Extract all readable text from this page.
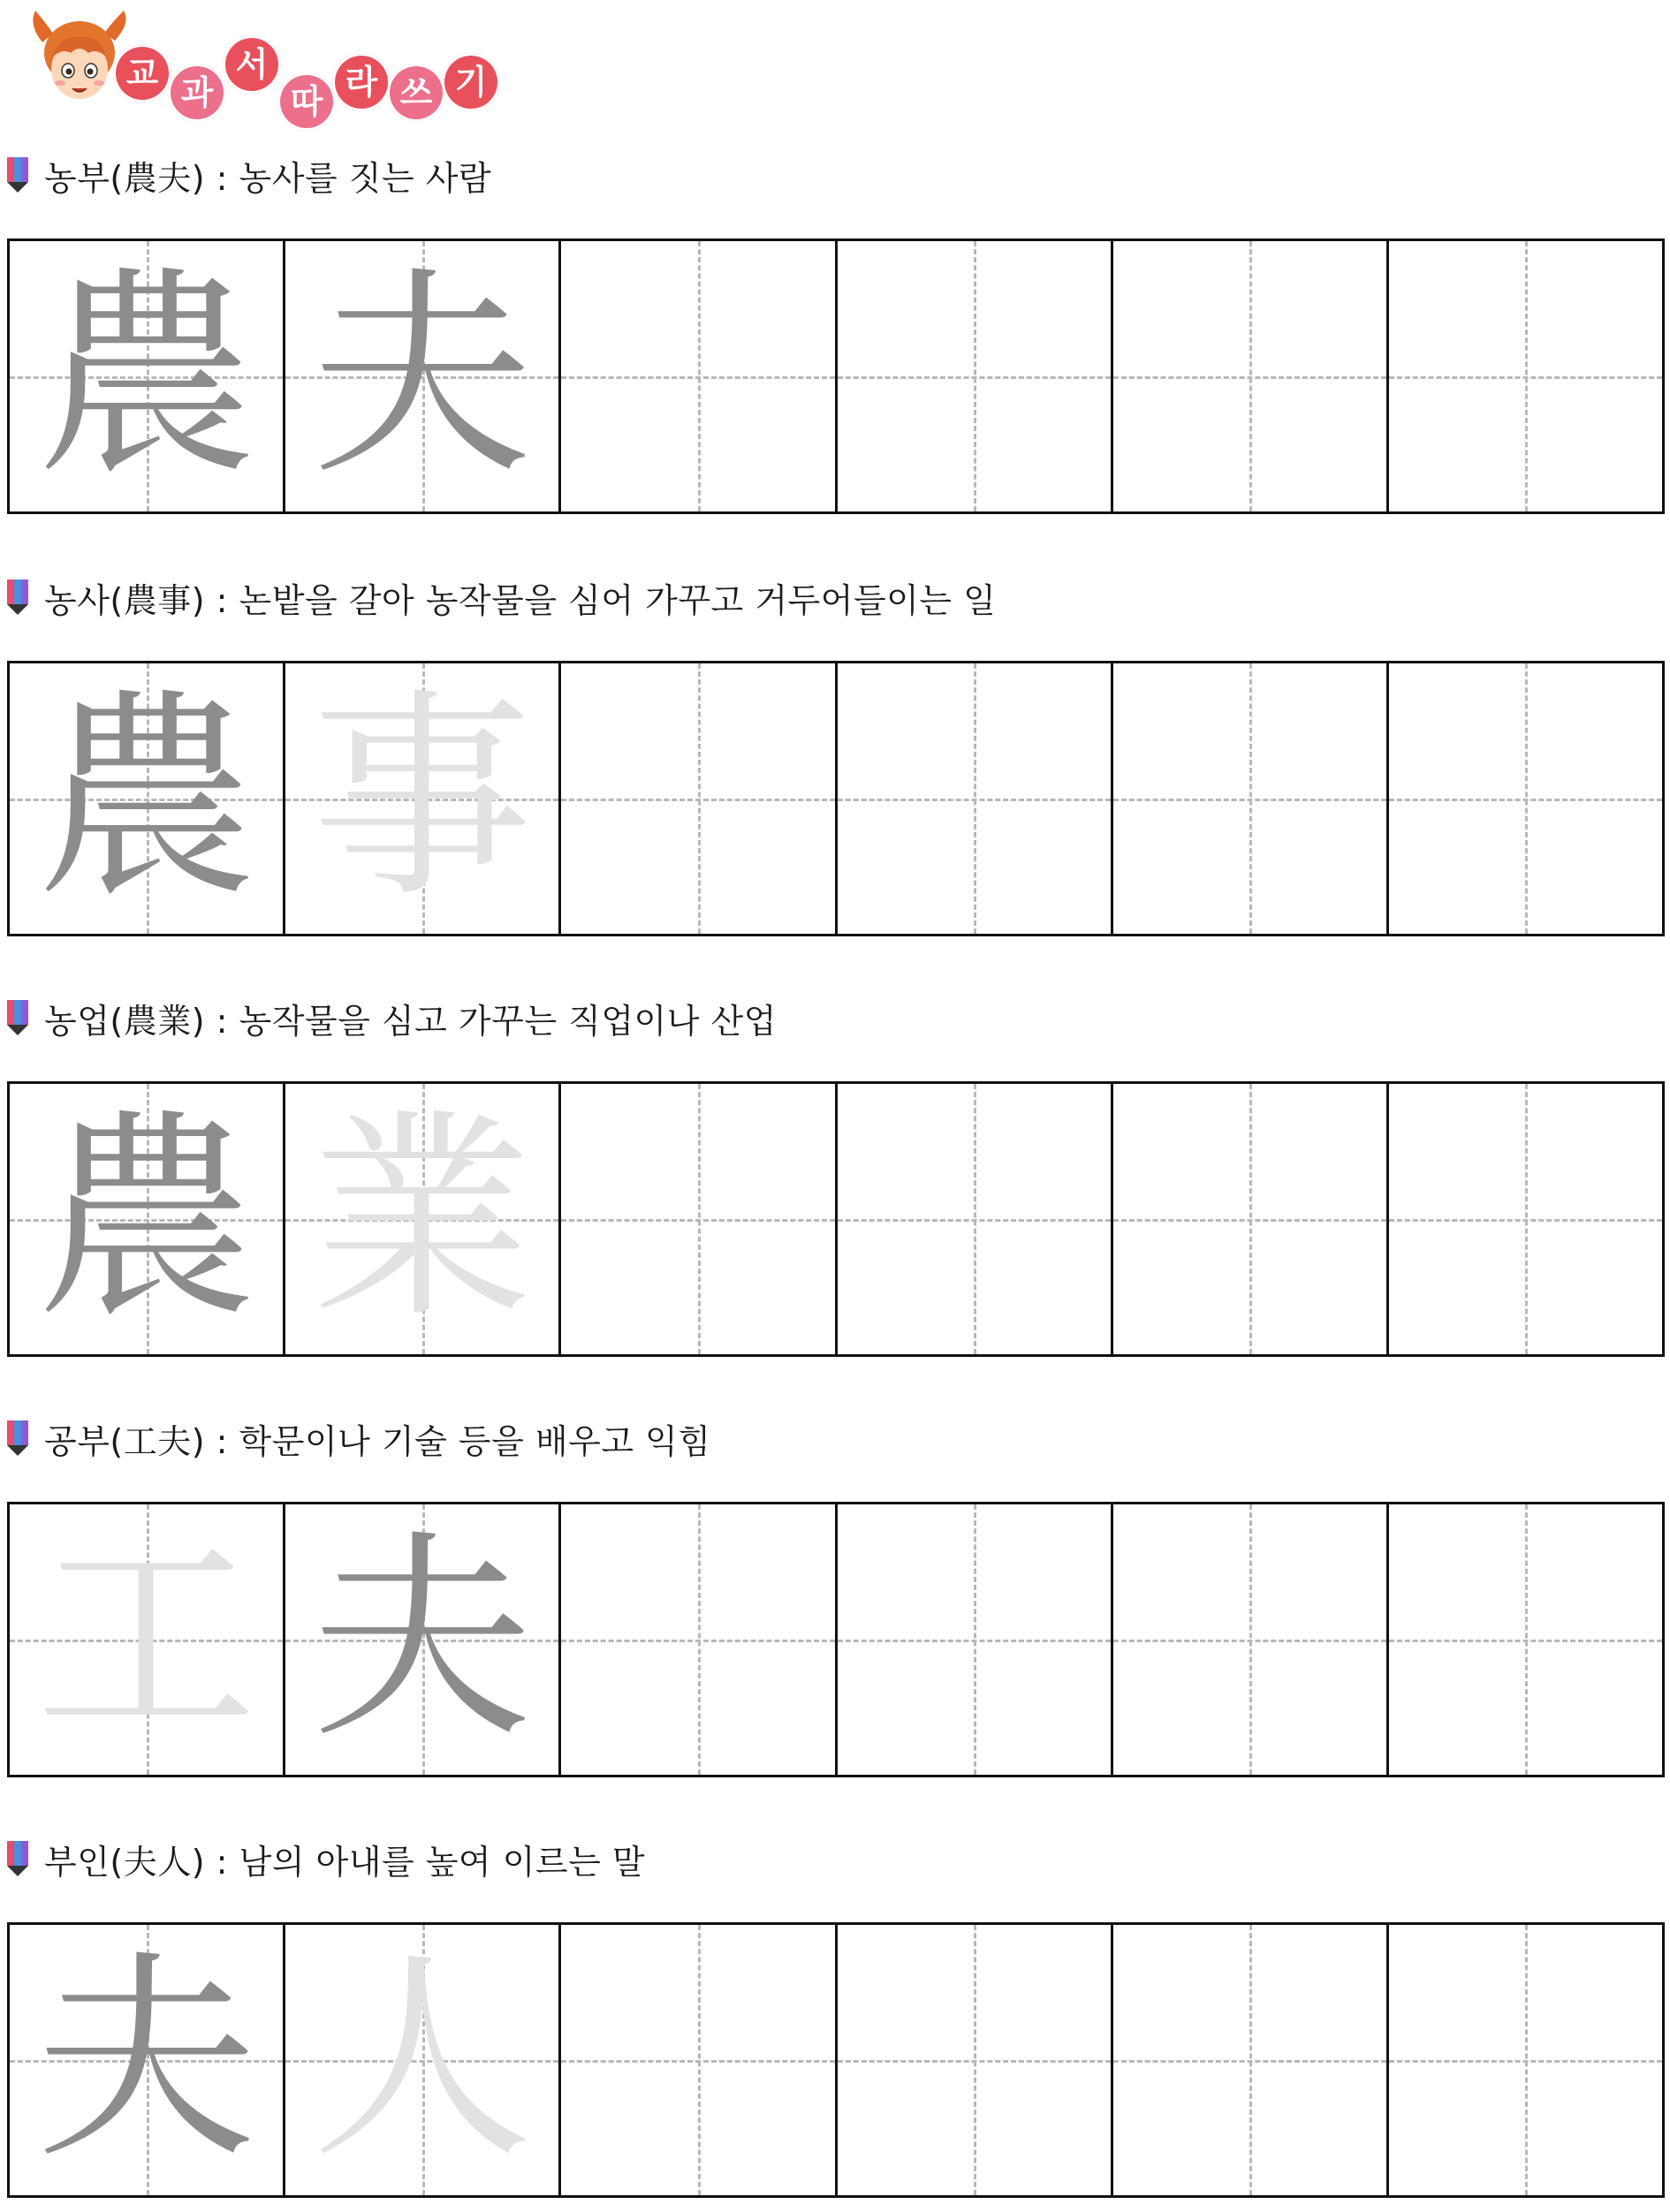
교 과
서
따 라 쓰 기
농부(農夫) : 농사를 짓는 사람
農 夫
농사(農事) : 논밭을 갈아 농작물을 심어 가꾸고 거두어들이는 일
農 事
농업(農業) : 농작물을 심고 가꾸는 직업이나 산업
農 業
공부(工夫) : 학문이나 기술 등을 배우고 익힘
工 夫
부인(夫人) : 남의 아내를 높여 이르는 말
夫 人
